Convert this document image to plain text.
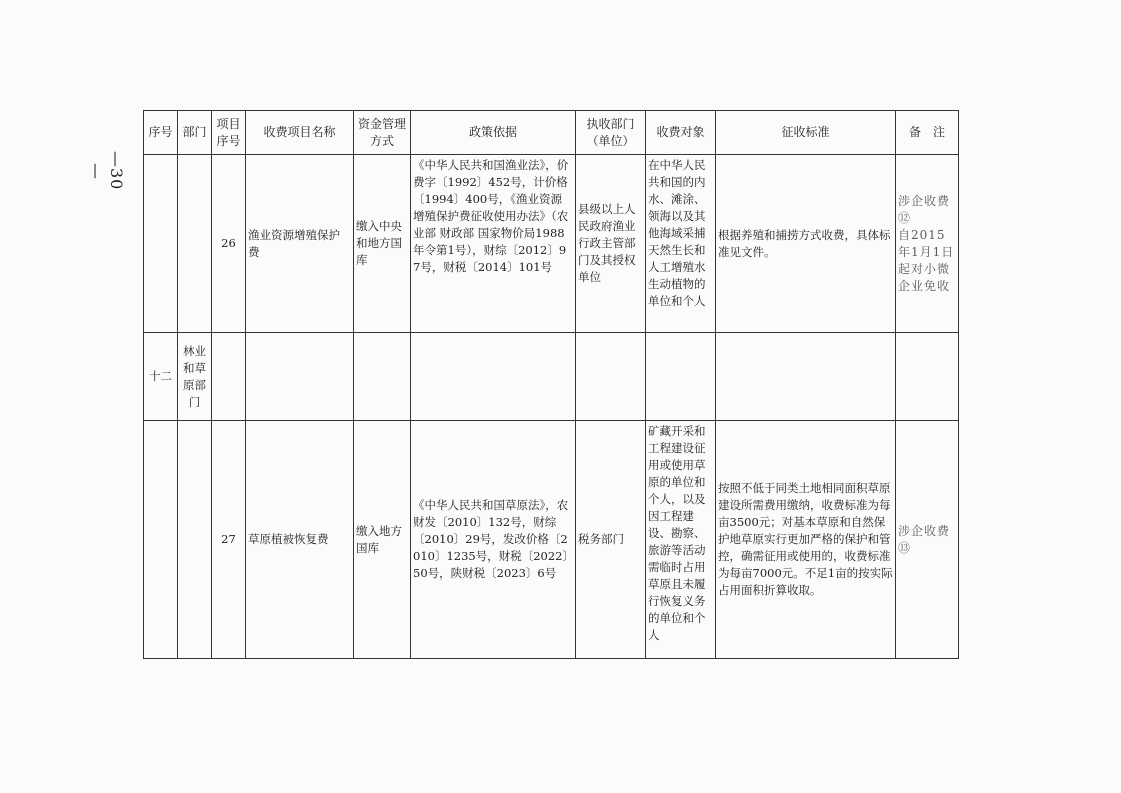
—30—
序号	部门	项目序号	收费项目名称	资金管理方式	政策依据	执收部门（单位）	收费对象	征收标准	备　注
		26	渔业资源增殖保护费	缴入中央和地方国库	《中华人民共和国渔业法》，价费字〔1992〕452号，计价格〔1994〕400号，《渔业资源增殖保护费征收使用办法》（农业部 财政部 国家物价局1988年令第1号），财综〔2012〕97号，财税〔2014〕101号	县级以上人民政府渔业行政主管部门及其授权单位	在中华人民共和国的内水、滩涂、领海以及其他海域采捕天然生长和人工增殖水生动植物的单位和个人	根据养殖和捕捞方式收费，具体标准见文件。	涉企收费⑫
自2015年1月1日起对小微企业免收

十二	林业和草原部门								
		27	草原植被恢复费	缴入地方国库	《中华人民共和国草原法》，农财发〔2010〕132号，财综〔2010〕29号，发改价格〔2010〕1235号，财税〔2022〕50号，陕财税〔2023〕6号	税务部门	矿藏开采和工程建设征用或使用草原的单位和个人，以及因工程建设、勘察、旅游等活动需临时占用草原且未履行恢复义务的单位和个人	按照不低于同类土地相同面积草原建设所需费用缴纳，收费标准为每亩3500元；对基本草原和自然保护地草原实行更加严格的保护和管控，确需征用或使用的，收费标准为每亩7000元。不足1亩的按实际占用面积折算收取。	涉企收费⑬
